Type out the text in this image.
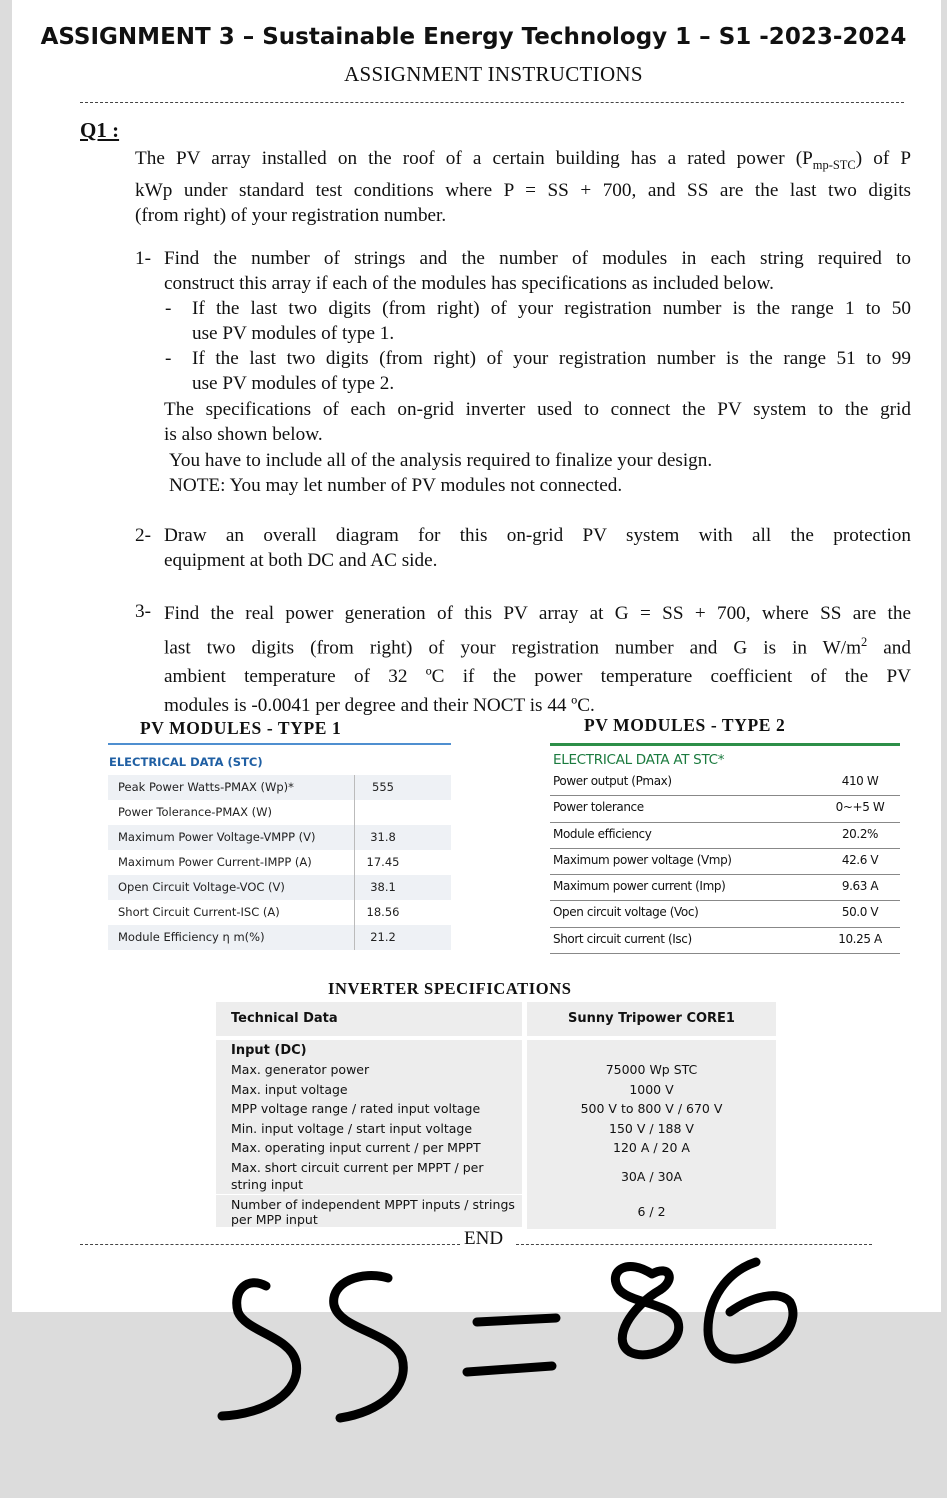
ASSIGNMENT 3 – Sustainable Energy Technology 1 – S1 -2023-2024
ASSIGNMENT INSTRUCTIONS
Q1 :
The PV array installed on the roof of a certain building has a rated power $(P_{mp-STC})$ of P
kWp under standard test conditions where P = SS + 700, and SS are the last two digits
(from right) of your registration number.
1- Find the number of strings and the number of modules in each string required to
construct this array if each of the modules has specifications as included below.
- If the last two digits (from right) of your registration number is the range 1 to 50
use PV modules of type 1.
- If the last two digits (from right) of your registration number is the range 51 to 99
use PV modules of type 2.
The specifications of each on-grid inverter used to connect the PV system to the grid
is also shown below.
You have to include all of the analysis required to finalize your design.
NOTE: You may let number of PV modules not connected.
2- Draw an overall diagram for this on-grid PV system with all the protection
equipment at both DC and AC side.
3- Find the real power generation of this PV array at G = SS + 700, where SS are the
last two digits (from right) of your registration number and G is in $W/m^2$ and
ambient temperature of 32 ºC if the power temperature coefficient of the PV
modules is -0.0041 per degree and their NOCT is 44 ºC.
PV MODULES - TYPE 1	PV MODULES - TYPE 2
ELECTRICAL DATA (STC)
Peak Power Watts-PMAX (Wp)*	555
Power Tolerance-PMAX (W)
Maximum Power Voltage-VMPP (V)	31.8
Maximum Power Current-IMPP (A)	17.45
Open Circuit Voltage-VOC (V)	38.1
Short Circuit Current-ISC (A)	18.56
Module Efficiency η m(%)	21.2
ELECTRICAL DATA AT STC*
Power output (Pmax)	410 W
Power tolerance	0~+5 W
Module efficiency	20.2%
Maximum power voltage (Vmp)	42.6 V
Maximum power current (Imp)	9.63 A
Open circuit voltage (Voc)	50.0 V
Short circuit current (Isc)	10.25 A
INVERTER SPECIFICATIONS
Technical Data	Sunny Tripower CORE1
Input (DC)
Max. generator power	75000 Wp STC
Max. input voltage	1000 V
MPP voltage range / rated input voltage	500 V to 800 V / 670 V
Min. input voltage / start input voltage	150 V / 188 V
Max. operating input current / per MPPT	120 A / 20 A
Max. short circuit current per MPPT / per string input
30A / 30A
Number of independent MPPT inputs / strings per MPP input
6 / 2
END
